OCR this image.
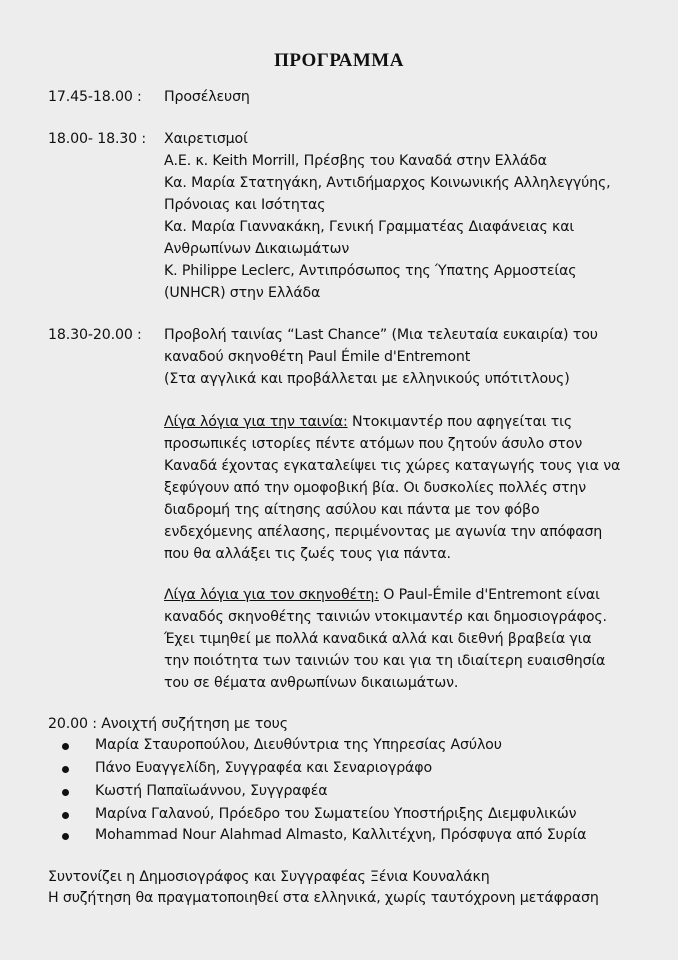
ΠΡΟΓΡΑΜΜΑ
17.45-18.00 : Προσέλευση
18.00- 18.30 : Χαιρετισμοί
Α.Ε. κ. Keith Morrill, Πρέσβης του Καναδά στην Ελλάδα
Κα. Μαρία Στατηγάκη, Αντιδήμαρχος Κοινωνικής Αλληλεγγύης,
Πρόνοιας και Ισότητας
Κα. Μαρία Γιαννακάκη, Γενική Γραμματέας Διαφάνειας και
Ανθρωπίνων Δικαιωμάτων
Κ. Philippe Leclerc, Αντιπρόσωπος της Ύπατης Αρμοστείας
(UNHCR) στην Ελλάδα
18.30-20.00 : Προβολή ταινίας “Last Chance” (Μια τελευταία ευκαιρία) του
καναδού σκηνοθέτη Paul Émile d'Entremont
(Στα αγγλικά και προβάλλεται με ελληνικούς υπότιτλους)
Λίγα λόγια για την ταινία: Ντοκιμαντέρ που αφηγείται τις
προσωπικές ιστορίες πέντε ατόμων που ζητούν άσυλο στον
Καναδά έχοντας εγκαταλείψει τις χώρες καταγωγής τους για να
ξεφύγουν από την ομοφοβική βία. Οι δυσκολίες πολλές στην
διαδρομή της αίτησης ασύλου και πάντα με τον φόβο
ενδεχόμενης απέλασης, περιμένοντας με αγωνία την απόφαση
που θα αλλάξει τις ζωές τους για πάντα.
Λίγα λόγια για τον σκηνοθέτη: Ο Paul-Émile d'Entremont είναι
καναδός σκηνοθέτης ταινιών ντοκιμαντέρ και δημοσιογράφος.
Έχει τιμηθεί με πολλά καναδικά αλλά και διεθνή βραβεία για
την ποιότητα των ταινιών του και για τη ιδιαίτερη ευαισθησία
του σε θέματα ανθρωπίνων δικαιωμάτων.
20.00 : Ανοιχτή συζήτηση με τους
Μαρία Σταυροπούλου, Διευθύντρια της Υπηρεσίας Ασύλου
Πάνο Ευαγγελίδη, Συγγραφέα και Σεναριογράφο
Κωστή Παπαϊωάννου, Συγγραφέα
Μαρίνα Γαλανού, Πρόεδρο του Σωματείου Υποστήριξης Διεμφυλικών
Mohammad Nour Alahmad Almasto, Καλλιτέχνη, Πρόσφυγα από Συρία
Συντονίζει η Δημοσιογράφος και Συγγραφέας Ξένια Κουναλάκη
Η συζήτηση θα πραγματοποιηθεί στα ελληνικά, χωρίς ταυτόχρονη μετάφραση
